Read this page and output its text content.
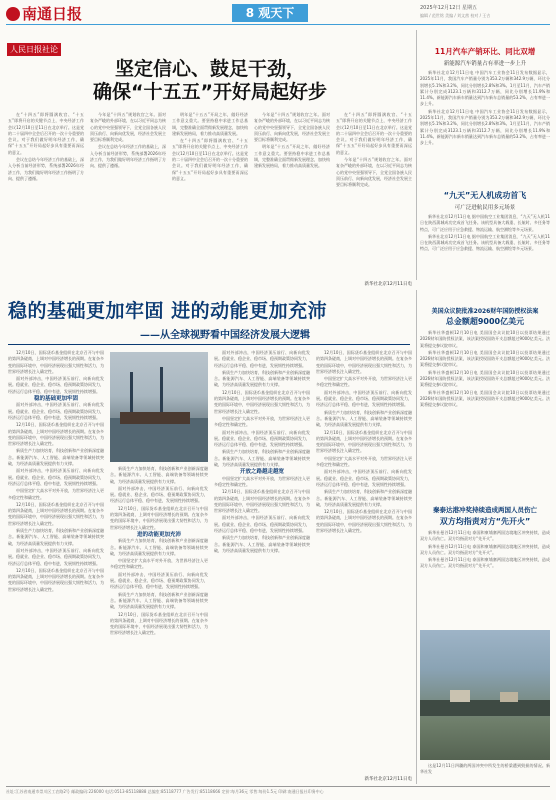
南通日报	8 观天下	2025年12月12日 星期五
编辑 / 范世铭 美编 / 刘文茜 校对 / 王吉
人民日报社论
坚定信心、鼓足干劲，
确保“十五五”开好局起好步

在“十四五”即将圆满收官、“十五五”即将开启的关键节点上，中央经济工作会议12月10日至11日在北京举行。这是党的二十届四中全会后召开的一次十分重要的会议。对于我们做好明年经济工作，确保“十五五”开好局起好步具有重要而深远的意义。

会议在总结今年经济工作的基础上，深入分析当前经济形势，系统部署2026年经济工作，为我们做好明年经济工作指明了方向、提供了遵循。

今年是“十四五”规划收官之年。面对复杂严峻的外部环境，在以习近平同志为核心的党中央坚强领导下，全党全国各族人民顶压前行、向新向优发展，经济社会发展主要目标将顺利完成。

会议在总结今年经济工作的基础上，深入分析当前经济形势，系统部署2026年经济工作，为我们做好明年经济工作指明了方向、提供了遵循。

明年是“十五五”开局之年，做好经济工作意义重大。要坚持稳中求进工作总基调，完整准确全面贯彻新发展理念，加快构建新发展格局，着力推动高质量发展。

在“十四五”即将圆满收官、“十五五”即将开启的关键节点上，中央经济工作会议12月10日至11日在北京举行。这是党的二十届四中全会后召开的一次十分重要的会议。对于我们做好明年经济工作，确保“十五五”开好局起好步具有重要而深远的意义。

今年是“十四五”规划收官之年。面对复杂严峻的外部环境，在以习近平同志为核心的党中央坚强领导下，全党全国各族人民顶压前行、向新向优发展，经济社会发展主要目标将顺利完成。

明年是“十五五”开局之年，做好经济工作意义重大。要坚持稳中求进工作总基调，完整准确全面贯彻新发展理念，加快构建新发展格局，着力推动高质量发展。

在“十四五”即将圆满收官、“十五五”即将开启的关键节点上，中央经济工作会议12月10日至11日在北京举行。这是党的二十届四中全会后召开的一次十分重要的会议。对于我们做好明年经济工作，确保“十五五”开好局起好步具有重要而深远的意义。

今年是“十四五”规划收官之年。面对复杂严峻的外部环境，在以习近平同志为核心的党中央坚强领导下，全党全国各族人民顶压前行、向新向优发展，经济社会发展主要目标将顺利完成。

新华社北京12月11日电
11月汽车产销环比、同比双增
新能源汽车销量占有率进一步上升

新华社北京12月11日电 中国汽车工业协会11日发布数据显示，2025年11月，我国汽车产销量分别为353.2万辆和342.9万辆，环比分别增长5.1%和3.2%，同比分别增长2.8%和3%。1月至11月，汽车产销累计分别完成3123.1万辆和3112.7万辆，同比分别增长11.9%和11.4%。新能源汽车新车销量达到汽车新车总销量的53.2%，占有率进一步上升。

新华社北京12月11日电 中国汽车工业协会11日发布数据显示，2025年11月，我国汽车产销量分别为353.2万辆和342.9万辆，环比分别增长5.1%和3.2%，同比分别增长2.8%和3%。1月至11月，汽车产销累计分别完成3123.1万辆和3112.7万辆，同比分别增长11.9%和11.4%。新能源汽车新车销量达到汽车新车总销量的53.2%，占有率进一步上升。

“九天”无人机成功首飞
可广泛进航民用多元场景

新华社北京12月11日电 据中国航空工业集团消息，“九天”无人机11日在陕西蒲城成功完成首飞任务。该机型具备大载重、长航时、多任务等特点，可广泛应用于应急救援、物流运输、航空测绘等多元场景。

新华社北京12月11日电 据中国航空工业集团消息，“九天”无人机11日在陕西蒲城成功完成首飞任务。该机型具备大载重、长航时、多任务等特点，可广泛应用于应急救援、物流运输、航空测绘等多元场景。

稳的基础更加牢固 进的动能更加充沛
——从全球视野看中国经济发展大逻辑

12月10日，国际货币基金组织在北京召开与中国的第四条磋商，上调对中国经济增长的预期。在复杂多变的国际环境中，中国经济展现出强大韧性和活力，为世界经济增长注入确定性。

面对外部冲击，中国经济顶压前行、向新向优发展。稳就业、稳企业、稳市场、稳预期政策协同发力，经济运行总体平稳、稳中有进，发展韧性持续增强。

稳的基础更加牢固

面对外部冲击，中国经济顶压前行、向新向优发展。稳就业、稳企业、稳市场、稳预期政策协同发力，经济运行总体平稳、稳中有进，发展韧性持续增强。

12月10日，国际货币基金组织在北京召开与中国的第四条磋商，上调对中国经济增长的预期。在复杂多变的国际环境中，中国经济展现出强大韧性和活力，为世界经济增长注入确定性。

新质生产力加快培育，科技创新和产业创新深度融合。新能源汽车、人工智能、高端装备等领域持续突破，为经济高质量发展提供有力支撑。

面对外部冲击，中国经济顶压前行、向新向优发展。稳就业、稳企业、稳市场、稳预期政策协同发力，经济运行总体平稳、稳中有进，发展韧性持续增强。

中国坚定扩大高水平对外开放，为世界经济注入更多稳定性和确定性。

12月10日，国际货币基金组织在北京召开与中国的第四条磋商，上调对中国经济增长的预期。在复杂多变的国际环境中，中国经济展现出强大韧性和活力，为世界经济增长注入确定性。

新质生产力加快培育，科技创新和产业创新深度融合。新能源汽车、人工智能、高端装备等领域持续突破，为经济高质量发展提供有力支撑。

面对外部冲击，中国经济顶压前行、向新向优发展。稳就业、稳企业、稳市场、稳预期政策协同发力，经济运行总体平稳、稳中有进，发展韧性持续增强。

12月10日，国际货币基金组织在北京召开与中国的第四条磋商，上调对中国经济增长的预期。在复杂多变的国际环境中，中国经济展现出强大韧性和活力，为世界经济增长注入确定性。

新质生产力加快培育，科技创新和产业创新深度融合。新能源汽车、人工智能、高端装备等领域持续突破，为经济高质量发展提供有力支撑。

面对外部冲击，中国经济顶压前行、向新向优发展。稳就业、稳企业、稳市场、稳预期政策协同发力，经济运行总体平稳、稳中有进，发展韧性持续增强。

12月10日，国际货币基金组织在北京召开与中国的第四条磋商，上调对中国经济增长的预期。在复杂多变的国际环境中，中国经济展现出强大韧性和活力，为世界经济增长注入确定性。

进的动能更加充沛

新质生产力加快培育，科技创新和产业创新深度融合。新能源汽车、人工智能、高端装备等领域持续突破，为经济高质量发展提供有力支撑。

中国坚定扩大高水平对外开放，为世界经济注入更多稳定性和确定性。

面对外部冲击，中国经济顶压前行、向新向优发展。稳就业、稳企业、稳市场、稳预期政策协同发力，经济运行总体平稳、稳中有进，发展韧性持续增强。

新质生产力加快培育，科技创新和产业创新深度融合。新能源汽车、人工智能、高端装备等领域持续突破，为经济高质量发展提供有力支撑。

12月10日，国际货币基金组织在北京召开与中国的第四条磋商，上调对中国经济增长的预期。在复杂多变的国际环境中，中国经济展现出强大韧性和活力，为世界经济增长注入确定性。

面对外部冲击，中国经济顶压前行、向新向优发展。稳就业、稳企业、稳市场、稳预期政策协同发力，经济运行总体平稳、稳中有进，发展韧性持续增强。

新质生产力加快培育，科技创新和产业创新深度融合。新能源汽车、人工智能、高端装备等领域持续突破，为经济高质量发展提供有力支撑。

12月10日，国际货币基金组织在北京召开与中国的第四条磋商，上调对中国经济增长的预期。在复杂多变的国际环境中，中国经济展现出强大韧性和活力，为世界经济增长注入确定性。

中国坚定扩大高水平对外开放，为世界经济注入更多稳定性和确定性。

面对外部冲击，中国经济顶压前行、向新向优发展。稳就业、稳企业、稳市场、稳预期政策协同发力，经济运行总体平稳、稳中有进，发展韧性持续增强。

新质生产力加快培育，科技创新和产业创新深度融合。新能源汽车、人工智能、高端装备等领域持续突破，为经济高质量发展提供有力支撑。

开放之路越走越宽

中国坚定扩大高水平对外开放，为世界经济注入更多稳定性和确定性。

12月10日，国际货币基金组织在北京召开与中国的第四条磋商，上调对中国经济增长的预期。在复杂多变的国际环境中，中国经济展现出强大韧性和活力，为世界经济增长注入确定性。

面对外部冲击，中国经济顶压前行、向新向优发展。稳就业、稳企业、稳市场、稳预期政策协同发力，经济运行总体平稳、稳中有进，发展韧性持续增强。

新质生产力加快培育，科技创新和产业创新深度融合。新能源汽车、人工智能、高端装备等领域持续突破，为经济高质量发展提供有力支撑。

12月10日，国际货币基金组织在北京召开与中国的第四条磋商，上调对中国经济增长的预期。在复杂多变的国际环境中，中国经济展现出强大韧性和活力，为世界经济增长注入确定性。

中国坚定扩大高水平对外开放，为世界经济注入更多稳定性和确定性。

面对外部冲击，中国经济顶压前行、向新向优发展。稳就业、稳企业、稳市场、稳预期政策协同发力，经济运行总体平稳、稳中有进，发展韧性持续增强。

新质生产力加快培育，科技创新和产业创新深度融合。新能源汽车、人工智能、高端装备等领域持续突破，为经济高质量发展提供有力支撑。

12月10日，国际货币基金组织在北京召开与中国的第四条磋商，上调对中国经济增长的预期。在复杂多变的国际环境中，中国经济展现出强大韧性和活力，为世界经济增长注入确定性。

中国坚定扩大高水平对外开放，为世界经济注入更多稳定性和确定性。

面对外部冲击，中国经济顶压前行、向新向优发展。稳就业、稳企业、稳市场、稳预期政策协同发力，经济运行总体平稳、稳中有进，发展韧性持续增强。

新质生产力加快培育，科技创新和产业创新深度融合。新能源汽车、人工智能、高端装备等领域持续突破，为经济高质量发展提供有力支撑。

12月10日，国际货币基金组织在北京召开与中国的第四条磋商，上调对中国经济增长的预期。在复杂多变的国际环境中，中国经济展现出强大韧性和活力，为世界经济增长注入确定性。

新华社北京12月11日电
美国众议院批准2026财年国防授权法案
总金额超9000亿美元

新华社华盛顿12月10日电 美国国会众议院10日以投票结果通过2026财年国防授权法案，该法案授权国防开支总额超过9000亿美元。法案将提交参议院审议。

新华社华盛顿12月10日电 美国国会众议院10日以投票结果通过2026财年国防授权法案，该法案授权国防开支总额超过9000亿美元。法案将提交参议院审议。

新华社华盛顿12月10日电 美国国会众议院10日以投票结果通过2026财年国防授权法案，该法案授权国防开支总额超过9000亿美元。法案将提交参议院审议。

新华社华盛顿12月10日电 美国国会众议院10日以投票结果通过2026财年国防授权法案，该法案授权国防开支总额超过9000亿美元。法案将提交参议院审议。

秦泰达港冲奖持续造成两国人员伤亡
双方均指责对方“先开火”

新华社曼谷12月11日电 泰国和柬埔寨两国边境地区冲突持续，造成双方人员伤亡。双方均指责对方“先开火”。

新华社曼谷12月11日电 泰国和柬埔寨两国边境地区冲突持续，造成双方人员伤亡。双方均指责对方“先开火”。

新华社曼谷12月11日电 泰国和柬埔寨两国边境地区冲突持续，造成双方人员伤亡。双方均指责对方“先开火”。

这是12月11日四疆的两国冲突中所发生的桥梁遭到毁损的情况。新华社发

社址:江苏省南通市崇川区工农路2号 邮政编码:226000 电话:0513-85118888 总编室:85118777 广告发行:85118666 定价:每月36元 零售:每份1.5元 印刷:南通日报社印务中心
